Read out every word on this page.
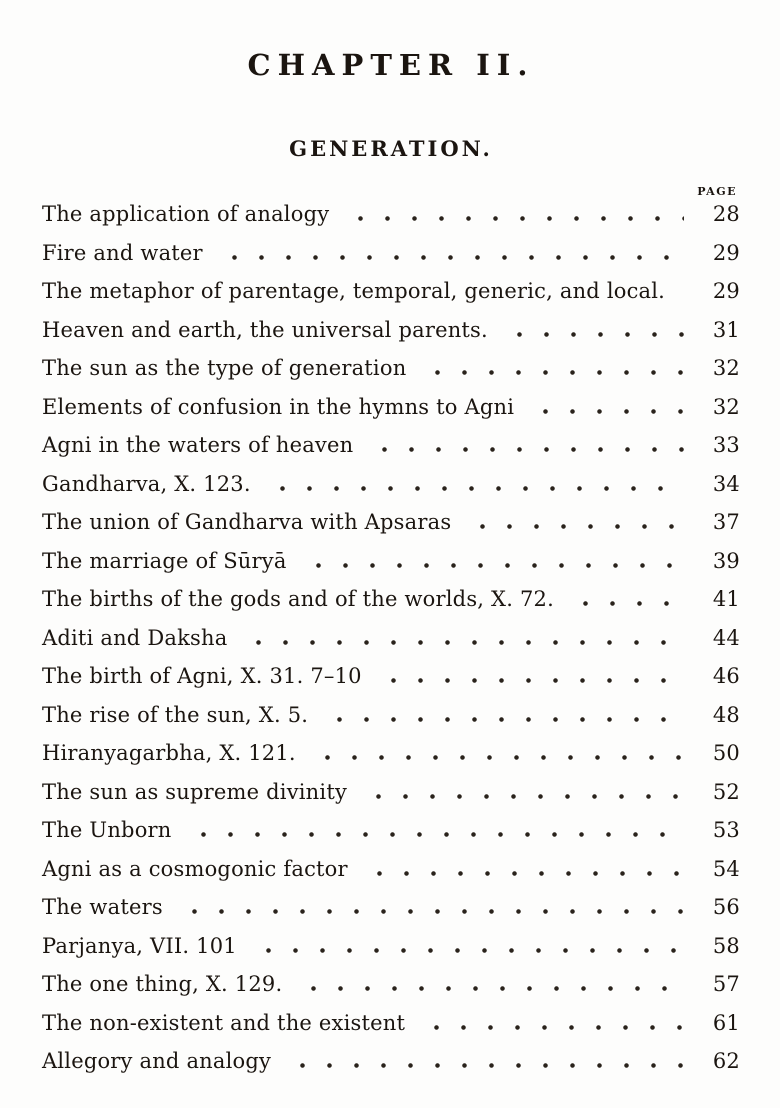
CHAPTER II.
GENERATION.
PAGE
The application of analogy	28
Fire and water	29
The metaphor of parentage, temporal, generic, and local.	29
Heaven and earth, the universal parents.	31
The sun as the type of generation	32
Elements of confusion in the hymns to Agni	32
Agni in the waters of heaven	33
Gandharva, X. 123.	34
The union of Gandharva with Apsaras	37
The marriage of Sūryā	39
The births of the gods and of the worlds, X. 72.	41
Aditi and Daksha	44
The birth of Agni, X. 31. 7–10	46
The rise of the sun, X. 5.	48
Hiranyagarbha, X. 121.	50
The sun as supreme divinity	52
The Unborn	53
Agni as a cosmogonic factor	54
The waters	56
Parjanya, VII. 101	58
The one thing, X. 129.	57
The non-existent and the existent	61
Allegory and analogy	62
